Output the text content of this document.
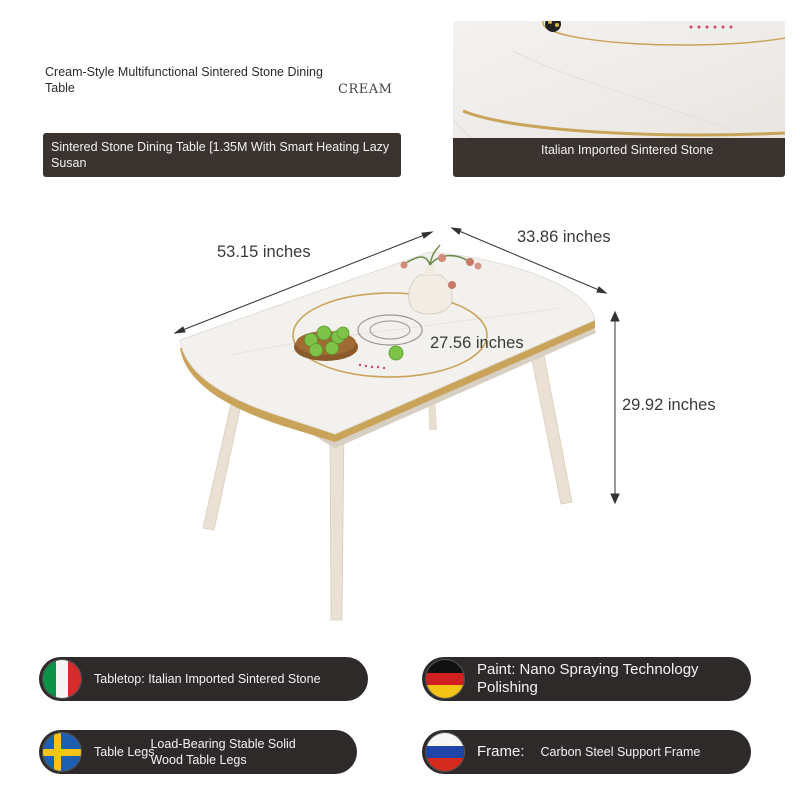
Cream-Style Multifunctional Sintered Stone Dining Table	CREAM
Sintered Stone Dining Table [1.35M With Smart Heating Lazy Susan
Italian Imported Sintered Stone
53.15 inches
33.86 inches
27.56 inches
29.92 inches
Tabletop: Italian Imported Sintered Stone
Paint: Nano Spraying Technology Polishing
Table Legs
Load-Bearing Stable Solid Wood Table Legs	Frame: Carbon Steel Support Frame
